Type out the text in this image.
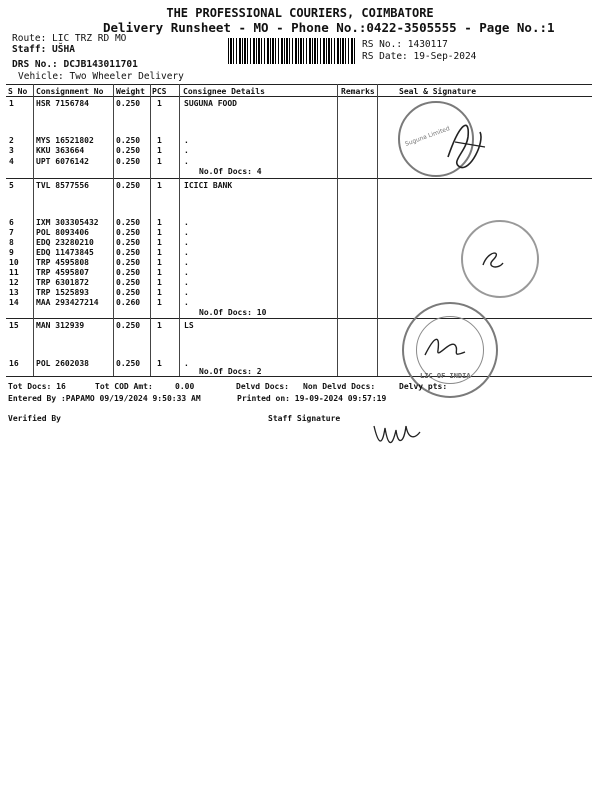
THE PROFESSIONAL COURIERS, COIMBATORE
Delivery Runsheet - MO - Phone No.:0422-3505555 - Page No.:1
Route: LIC TRZ RD MO
Staff: UŠHA
DRS No.: DCJB143011701
Vehicle: Two Wheeler Delivery
RS No.: 1430117
RS Date: 19-Sep-2024
S No Consignment No Weight PCS Consignee Details	Remarks	Seal & Signature
1	HSR 7156784	0.250 1	SUGUNA FOOD
2	MYS 16521802	0.250 1	.
3	KKU 363664	0.250 1	.
4	UPT 6076142	0.250 1	.
5	TVL 8577556	0.250 1	ICICI BANK
6	IXM 303305432 0.250 1	.
7	POL 8093406	0.250 1	.
8	EDQ 23280210	0.250 1	.
9	EDQ 11473845	0.250 1	.
10 TRP 4595808	0.250 1	.
11 TRP 4595807	0.250 1	.
12 TRP 6301872	0.250 1	.
13 TRP 1525893	0.250 1	.
14 MAA 293427214 0.260 1	.
15 MAN 312939	0.250 1	LS
16 POL 2602038	0.250 1	.
No.Of Docs: 4
No.Of Docs: 10
No.Of Docs: 2
Suguna Limited
LIC OF INDIA
Tot Docs: 16	Tot COD Amt:	0.00	Delvd Docs: Non Delvd Docs:	Delvy pts:
Entered By :PAPAMO 09/19/2024 9:50:33 AM	Printed on: 19-09-2024 09:57:19
Verified By	Staff Signature
